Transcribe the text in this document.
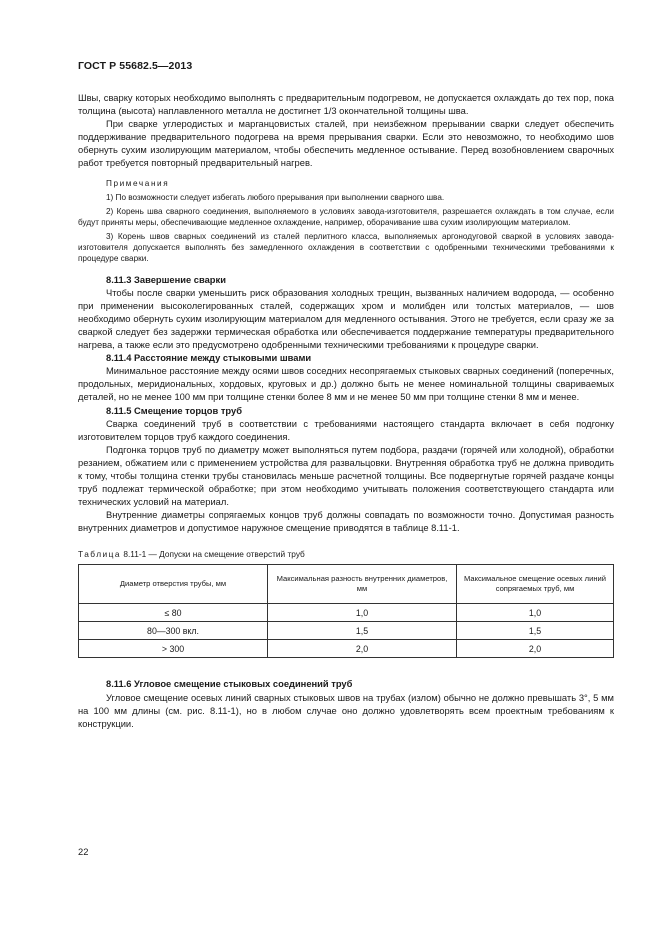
ГОСТ Р 55682.5—2013

Швы, сварку которых необходимо выполнять с предварительным подогревом, не допускается охлаждать до тех пор, пока толщина (высота) наплавленного металла не достигнет 1/3 окончательной толщины шва.

При сварке углеродистых и марганцовистых сталей, при неизбежном прерывании сварки следует обеспечить поддерживание предварительного подогрева на время прерывания сварки. Если это невозможно, то необходимо шов обернуть сухим изолирующим материалом, чтобы обеспечить медленное остывание. Перед возобновлением сварочных работ требуется повторный предварительный нагрев.

Примечания

1) По возможности следует избегать любого прерывания при выполнении сварного шва.

2) Корень шва сварного соединения, выполняемого в условиях завода-изготовителя, разрешается охлаждать в том случае, если будут приняты меры, обеспечивающие медленное охлаждение, например, оборачивание шва сухим изолирующим материалом.

3) Корень швов сварных соединений из сталей перлитного класса, выполняемых аргонодуговой сваркой в условиях завода-изготовителя допускается выполнять без замедленного охлаждения в соответствии с одобренными техническими требованиями к процедуре сварки.

8.11.3 Завершение сварки

Чтобы после сварки уменьшить риск образования холодных трещин, вызванных наличием водорода, — особенно при применении высоколегированных сталей, содержащих хром и молибден или толстых материалов, — шов необходимо обернуть сухим изолирующим материалом для медленного остывания. Этого не требуется, если сразу же за сваркой следует без задержки термическая обработка или обеспечивается поддержание температуры предварительного нагрева, а также если это предусмотрено одобренными техническими требованиями к процедуре сварки.

8.11.4 Расстояние между стыковыми швами

Минимальное расстояние между осями швов соседних несопрягаемых стыковых сварных соединений (поперечных, продольных, меридиональных, хордовых, круговых и др.) должно быть не менее номинальной толщины свариваемых деталей, но не менее 100 мм при толщине стенки более 8 мм и не менее 50 мм при толщине стенки 8 мм и менее.

8.11.5 Смещение торцов труб

Сварка соединений труб в соответствии с требованиями настоящего стандарта включает в себя подгонку изготовителем торцов труб каждого соединения.

Подгонка торцов труб по диаметру может выполняться путем подбора, раздачи (горячей или холодной), обработки резанием, обжатием или с применением устройства для развальцовки. Внутренняя обработка труб не должна приводить к тому, чтобы толщина стенки трубы становилась меньше расчетной толщины. Все подвергнутые горячей раздаче концы труб подлежат термической обработке; при этом необходимо учитывать положения соответствующего стандарта или технических условий на материал.

Внутренние диаметры сопрягаемых концов труб должны совпадать по возможности точно. Допустимая разность внутренних диаметров и допустимое наружное смещение приводятся в таблице 8.11-1.

Таблица 8.11-1 — Допуски на смещение отверстий труб
Диаметр отверстия трубы, мм	Максимальная разность внутренних диаметров, мм	Максимальное смещение осевых линий сопрягаемых труб, мм
≤ 80	1,0	1,0
80—300 вкл.	1,5	1,5
> 300	2,0	2,0

8.11.6 Угловое смещение стыковых соединений труб

Угловое смещение осевых линий сварных стыковых швов на трубах (излом) обычно не должно превышать 3°, 5 мм на 100 мм длины (см. рис. 8.11-1), но в любом случае оно должно удовлетворять всем проектным требованиям к конструкции.

22
